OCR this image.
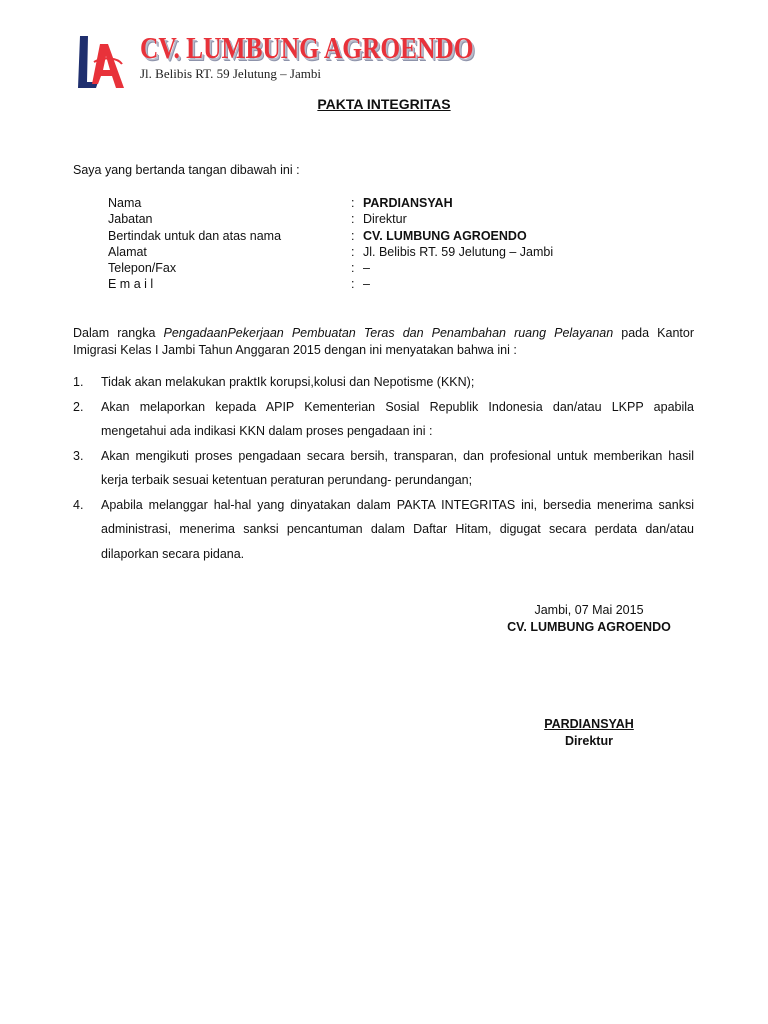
CV. LUMBUNG AGROENDO
Jl. Belibis RT. 59 Jelutung – Jambi
PAKTA INTEGRITAS
Saya yang bertanda tangan dibawah ini :
Nama	: PARDIANSYAH
Jabatan	: Direktur
Bertindak untuk dan atas nama	: CV. LUMBUNG AGROENDO
Alamat	: Jl. Belibis RT. 59 Jelutung – Jambi
Telepon/Fax	: –
E m a i l	: –
Dalam rangka PengadaanPekerjaan Pembuatan Teras dan Penambahan ruang Pelayanan pada Kantor Imigrasi Kelas I Jambi Tahun Anggaran 2015 dengan ini menyatakan bahwa ini :
1.	Tidak akan melakukan praktIk korupsi,kolusi dan Nepotisme (KKN);
2.	Akan melaporkan kepada APIP Kementerian Sosial Republik Indonesia dan/atau LKPP apabila mengetahui ada indikasi KKN dalam proses pengadaan ini :
3.	Akan mengikuti proses pengadaan secara bersih, transparan, dan profesional untuk memberikan hasil kerja terbaik sesuai ketentuan peraturan perundang- perundangan;
4.	Apabila melanggar hal-hal yang dinyatakan dalam PAKTA INTEGRITAS ini, bersedia menerima sanksi administrasi, menerima sanksi pencantuman dalam Daftar Hitam, digugat secara perdata dan/atau dilaporkan secara pidana.
Jambi, 07 Mai 2015
CV. LUMBUNG AGROENDO
PARDIANSYAH
Direktur
